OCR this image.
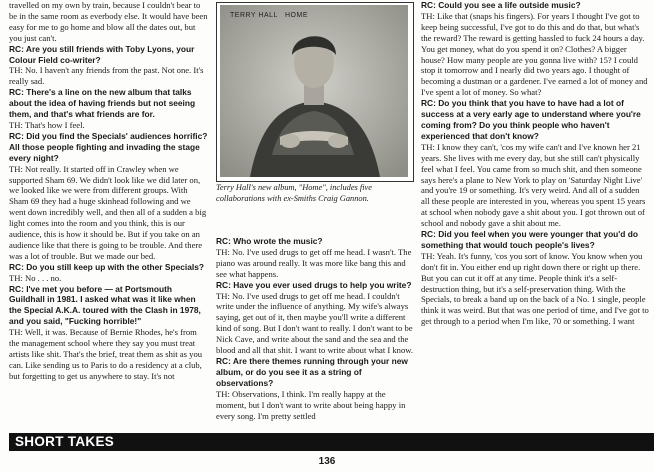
travelled on my own by train, because I couldn't bear to be in the same room as everbody else. It would have been easy for me to go home and blow all the dates out, but you just can't.

RC: Are you still friends with Toby Lyons, your Colour Field co-writer?

TH: No. I haven't any friends from the past. Not one. It's really sad.

RC: There's a line on the new album that talks about the idea of having friends but not seeing them, and that's what friends are for.

TH: That's how I feel.

RC: Did you find the Specials' audiences horrific? All those people fighting and invading the stage every night?

TH: Not really. It started off in Crawley when we supported Sham 69. We didn't look like we did later on, we looked like we were from different groups. With Sham 69 they had a huge skinhead following and we went down incredibly well, and then all of a sudden a big light comes into the room and you think, this is our audience, this is how it should be. But if you take on an audience like that there is going to be trouble. And there was a lot of trouble. But we made our bed.

RC: Do you still keep up with the other Specials?

TH: No . . . no.

RC: I've met you before — at Portsmouth Guildhall in 1981. I asked what was it like when the Special A.K.A. toured with the Clash in 1978, and you said, "Fucking horrible!"

TH: Well, it was. Because of Bernie Rhodes, he's from the management school where they say you must treat artists like shit. That's the brief, treat them as shit as you can. Like sending us to Paris to do a residency at a club, but forgetting to get us anywhere to stay. It's not

TERRY HALL   HOME
Terry Hall's new album, "Home", includes five collaborations with ex-Smiths Craig Gannon.

RC: Who wrote the music?

TH: No. I've used drugs to get off me head. I wasn't. The piano was around really. It was more like bang this and see what happens.

RC: Have you ever used drugs to help you write?

TH: No. I've used drugs to get off me head. I couldn't write under the influence of anything. My wife's always saying, get out of it, then maybe you'll write a different kind of song. But I don't want to really. I don't want to be Nick Cave, and write about the sand and the sea and the blood and all that shit. I want to write about what I know.

RC: Are there themes running through your new album, or do you see it as a string of observations?

TH: Observations, I think. I'm really happy at the moment, but I don't want to write about being happy in every song. I'm pretty settled

RC: Could you see a life outside music?

TH: Like that (snaps his fingers). For years I thought I've got to keep being successful, I've got to do this and do that, but what's the reward? The reward is getting hassled to fuck 24 hours a day. You get money, what do you spend it on? Clothes? A bigger house? How many people are you gonna live with? 15? I could stop it tomorrow and I nearly did two years ago. I thought of becoming a dustman or a gardener. I've earned a lot of money and I've spent a lot of money. So what?

RC: Do you think that you have to have had a lot of success at a very early age to understand where you're coming from? Do you think people who haven't experienced that don't know?

TH: I know they can't, 'cos my wife can't and I've known her 21 years. She lives with me every day, but she still can't physically feel what I feel. You came from so much shit, and then someone says here's a plane to New York to play on 'Saturday Night Live' and you're 19 or something. It's very weird. And all of a sudden all these people are interested in you, whereas you spent 15 years at school when nobody gave a shit about you. I got thrown out of school and nobody gave a shit about me.

RC: Did you feel when you were younger that you'd do something that would touch people's lives?

TH: Yeah. It's funny, 'cos you sort of know. You know when you don't fit in. You either end up right down there or right up there. But you can cut it off at any time. People think it's a self-destruction thing, but it's a self-preservation thing. With the Specials, to break a band up on the back of a No. 1 single, people think it was weird. But that was one period of time, and I've got to get through to a period when I'm like, 70 or something. I want

SHORT TAKES
136
